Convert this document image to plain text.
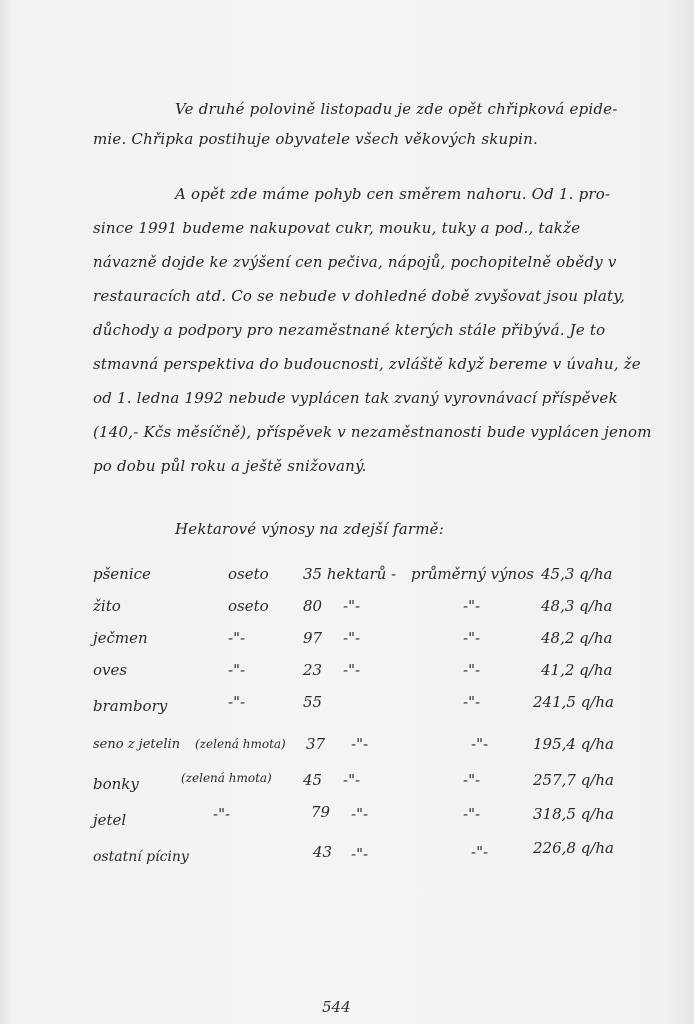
Ve druhé polovině listopadu je zde opět chřipková epide-
mie. Chřipka postihuje obyvatele všech věkových skupin.
A opět zde máme pohyb cen směrem nahoru. Od 1. pro-
since 1991 budeme nakupovat cukr, mouku, tuky a pod., takže
návazně dojde ke zvýšení cen pečiva, nápojů, pochopitelně obědy v
restauracích atd. Co se nebude v dohledné době zvyšovat jsou platy,
důchody a podpory pro nezaměstnané kterých stále přibývá. Je to
stmavná perspektiva do budoucnosti, zvláště když bereme v úvahu, že
od 1. ledna 1992 nebude vyplácen tak zvaný vyrovnávací příspěvek
(140,- Kčs měsíčně), příspěvek v nezaměstnanosti bude vyplácen jenom
po dobu půl roku a ještě snižovaný.
Hektarové výnosy na zdejší farmě:
pšenice	oseto 35 hektarů - průměrný výnos 45,3 q/ha
žito	oseto 80 -"-	-"-	48,3 q/ha
ječmen	-"-	97 -"-	-"-	48,2 q/ha
oves	-"-	23 -"-	-"-	41,2 q/ha
brambory	-"-	55	-"-	241,5 q/ha
seno z jetelin (zelená hmota) 37 -"-	-"-	195,4 q/ha
bonky	(zelená hmota) 45 -"-	-"-	257,7 q/ha
jetel	-"-	79 -"-	-"-	318,5 q/ha
ostatní píciny	43 -"-	-"-	226,8 q/ha
544
